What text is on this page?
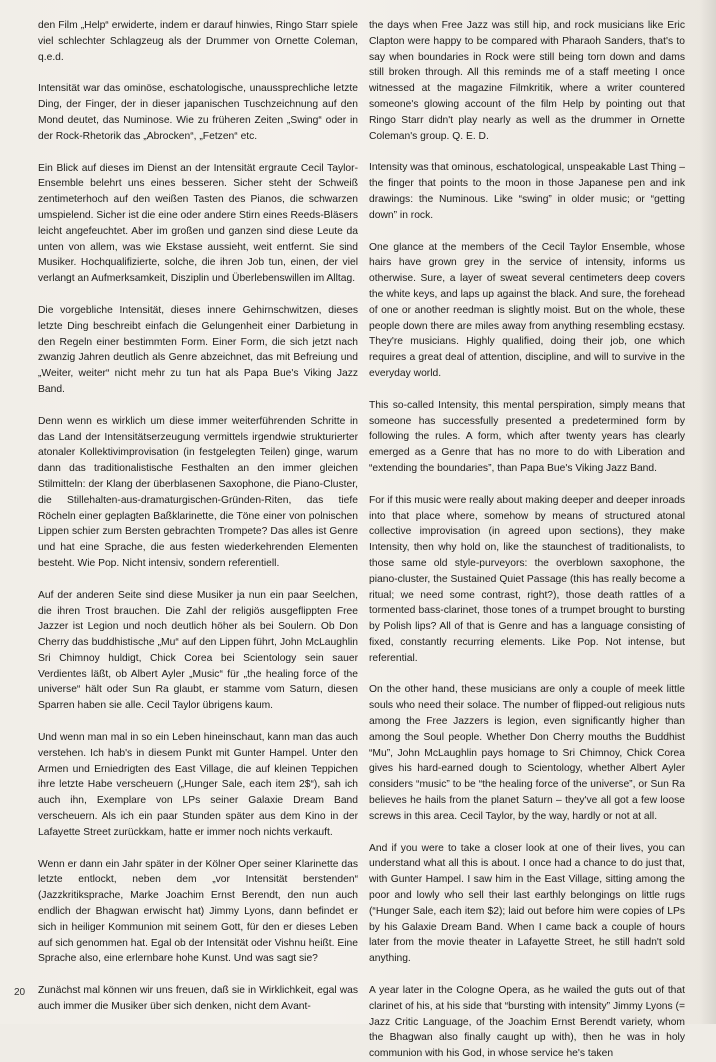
den Film „Help“ erwiderte, indem er darauf hinwies, Ringo Starr spiele viel schlechter Schlagzeug als der Drummer von Ornette Coleman, q.e.d.

Intensität war das ominöse, eschatologische, unaussprechliche letzte Ding, der Finger, der in dieser japanischen Tuschzeichnung auf den Mond deutet, das Numinose. Wie zu früheren Zeiten „Swing“ oder in der Rock-Rhetorik das „Abrocken“, „Fetzen“ etc.

Ein Blick auf dieses im Dienst an der Intensität ergraute Cecil Taylor-Ensemble belehrt uns eines besseren. Sicher steht der Schweiß zentimeterhoch auf den weißen Tasten des Pianos, die schwarzen umspielend. Sicher ist die eine oder andere Stirn eines Reeds-Bläsers leicht angefeuchtet. Aber im großen und ganzen sind diese Leute da unten von allem, was wie Ekstase aussieht, weit entfernt. Sie sind Musiker. Hochqualifizierte, solche, die ihren Job tun, einen, der viel verlangt an Aufmerksamkeit, Disziplin und Überlebenswillen im Alltag.

Die vorgebliche Intensität, dieses innere Gehirnschwitzen, dieses letzte Ding beschreibt einfach die Gelungenheit einer Darbietung in den Regeln einer bestimmten Form. Einer Form, die sich jetzt nach zwanzig Jahren deutlich als Genre abzeichnet, das mit Befreiung und „Weiter, weiter“ nicht mehr zu tun hat als Papa Bue's Viking Jazz Band.

Denn wenn es wirklich um diese immer weiterführenden Schritte in das Land der Intensitätserzeugung vermittels irgendwie strukturierter atonaler Kollektivimprovisation (in festgelegten Teilen) ginge, warum dann das traditionalistische Festhalten an den immer gleichen Stilmitteln: der Klang der überblasenen Saxophone, die Piano-Cluster, die Stillehalten-aus-dramaturgischen-Gründen-Riten, das tiefe Röcheln einer geplagten Baßklarinette, die Töne einer von polnischen Lippen schier zum Bersten gebrachten Trompete? Das alles ist Genre und hat eine Sprache, die aus festen wiederkehrenden Elementen besteht. Wie Pop. Nicht intensiv, sondern referentiell.

Auf der anderen Seite sind diese Musiker ja nun ein paar Seelchen, die ihren Trost brauchen. Die Zahl der religiös ausgeflippten Free Jazzer ist Legion und noch deutlich höher als bei Soulern. Ob Don Cherry das buddhistische „Mu“ auf den Lippen führt, John McLaughlin Sri Chimnoy huldigt, Chick Corea bei Scientology sein sauer Verdientes läßt, ob Albert Ayler „Music“ für „the healing force of the universe“ hält oder Sun Ra glaubt, er stamme vom Saturn, diesen Sparren haben sie alle. Cecil Taylor übrigens kaum.

Und wenn man mal in so ein Leben hineinschaut, kann man das auch verstehen. Ich hab's in diesem Punkt mit Gunter Hampel. Unter den Armen und Erniedrigten des East Village, die auf kleinen Teppichen ihre letzte Habe verscheuern („Hunger Sale, each item 2$“), sah ich auch ihn, Exemplare von LPs seiner Galaxie Dream Band verscheuern. Als ich ein paar Stunden später aus dem Kino in der Lafayette Street zurückkam, hatte er immer noch nichts verkauft.

Wenn er dann ein Jahr später in der Kölner Oper seiner Klarinette das letzte entlockt, neben dem „vor Intensität berstenden“ (Jazzkritiksprache, Marke Joachim Ernst Berendt, den nun auch endlich der Bhagwan erwischt hat) Jimmy Lyons, dann befindet er sich in heiliger Kommunion mit seinem Gott, für den er dieses Leben auf sich genommen hat. Egal ob der Intensität oder Vishnu heißt. Eine Sprache also, eine erlernbare hohe Kunst. Und was sagt sie?

Zunächst mal können wir uns freuen, daß sie in Wirklichkeit, egal was auch immer die Musiker über sich denken, nicht dem Avant-

the days when Free Jazz was still hip, and rock musicians like Eric Clapton were happy to be compared with Pharaoh Sanders, that's to say when boundaries in Rock were still being torn down and dams still broken through. All this reminds me of a staff meeting I once witnessed at the magazine Filmkritik, where a writer countered someone's glowing account of the film Help by pointing out that Ringo Starr didn't play nearly as well as the drummer in Ornette Coleman's group. Q. E. D.

Intensity was that ominous, eschatological, unspeakable Last Thing – the finger that points to the moon in those Japanese pen and ink drawings: the Numinous. Like “swing” in older music; or “getting down” in rock.

One glance at the members of the Cecil Taylor Ensemble, whose hairs have grown grey in the service of intensity, informs us otherwise. Sure, a layer of sweat several centimeters deep covers the white keys, and laps up against the black. And sure, the forehead of one or another reedman is slightly moist. But on the whole, these people down there are miles away from anything resembling ecstasy. They're musicians. Highly qualified, doing their job, one which requires a great deal of attention, discipline, and will to survive in the everyday world.

This so-called Intensity, this mental perspiration, simply means that someone has successfully presented a predetermined form by following the rules. A form, which after twenty years has clearly emerged as a Genre that has no more to do with Liberation and “extending the boundaries”, than Papa Bue's Viking Jazz Band.

For if this music were really about making deeper and deeper inroads into that place where, somehow by means of structured atonal collective improvisation (in agreed upon sections), they make Intensity, then why hold on, like the staunchest of traditionalists, to those same old style-purveyors: the overblown saxophone, the piano-cluster, the Sustained Quiet Passage (this has really become a ritual; we need some contrast, right?), those death rattles of a tormented bass-clarinet, those tones of a trumpet brought to bursting by Polish lips? All of that is Genre and has a language consisting of fixed, constantly recurring elements. Like Pop. Not intense, but referential.

On the other hand, these musicians are only a couple of meek little souls who need their solace. The number of flipped-out religious nuts among the Free Jazzers is legion, even significantly higher than among the Soul people. Whether Don Cherry mouths the Buddhist “Mu”, John McLaughlin pays homage to Sri Chimnoy, Chick Corea gives his hard-earned dough to Scientology, whether Albert Ayler considers “music” to be “the healing force of the universe”, or Sun Ra believes he hails from the planet Saturn – they've all got a few loose screws in this area. Cecil Taylor, by the way, hardly or not at all.

And if you were to take a closer look at one of their lives, you can understand what all this is about. I once had a chance to do just that, with Gunter Hampel. I saw him in the East Village, sitting among the poor and lowly who sell their last earthly belongings on little rugs (“Hunger Sale, each item $2); laid out before him were copies of LPs by his Galaxie Dream Band. When I came back a couple of hours later from the movie theater in Lafayette Street, he still hadn't sold anything.

A year later in the Cologne Opera, as he wailed the guts out of that clarinet of his, at his side that “bursting with intensity” Jimmy Lyons (= Jazz Critic Language, of the Joachim Ernst Berendt variety, whom the Bhagwan also finally caught up with), then he was in holy communion with his God, in whose service he's taken

20
